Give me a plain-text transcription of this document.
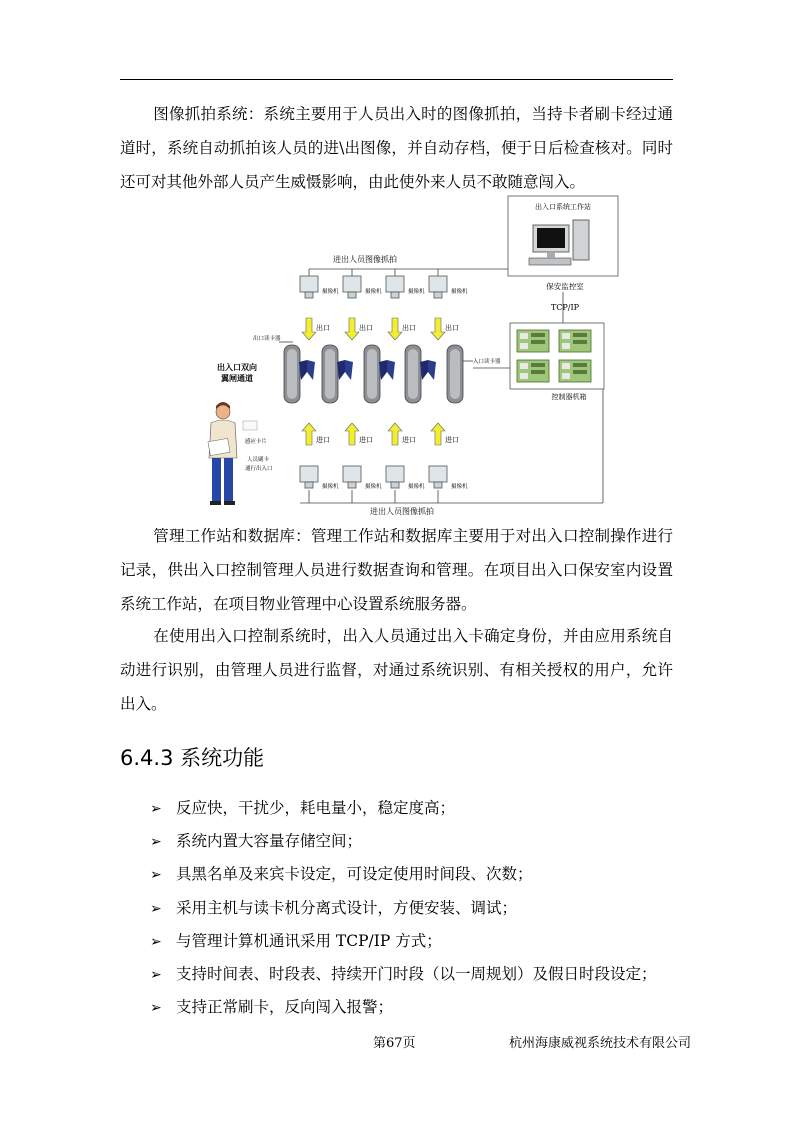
图像抓拍系统：系统主要用于人员出入时的图像抓拍，当持卡者刷卡经过通道时，系统自动抓拍该人员的进\出图像，并自动存档，便于日后检查核对。同时还可对其他外部人员产生威慑影响，由此使外来人员不敢随意闯入。

出入口系统工作站
保安监控室
TCP/IP
控制器机箱
进出人员图像抓拍
进出人员图像抓拍
摄像机	摄像机	摄像机	摄像机
出口	出口	出口	出口
出口读卡器
入口读卡器
出入口双向
翼闸通道
进口	进口	进口	进口
摄像机	摄像机	摄像机	摄像机
感应卡片
人员刷卡
通行出入口

管理工作站和数据库：管理工作站和数据库主要用于对出入口控制操作进行记录，供出入口控制管理人员进行数据查询和管理。在项目出入口保安室内设置系统工作站，在项目物业管理中心设置系统服务器。

在使用出入口控制系统时，出入人员通过出入卡确定身份，并由应用系统自动进行识别，由管理人员进行监督，对通过系统识别、有相关授权的用户，允许出入。

6.4.3 系统功能
➢ 反应快，干扰少，耗电量小，稳定度高；
➢ 系统内置大容量存储空间；
➢ 具黑名单及来宾卡设定，可设定使用时间段、次数；
➢ 采用主机与读卡机分离式设计，方便安装、调试；
➢ 与管理计算机通讯采用 TCP/IP 方式；
➢ 支持时间表、时段表、持续开门时段（以一周规划）及假日时段设定；
➢ 支持正常刷卡，反向闯入报警；
第67页	杭州海康威视系统技术有限公司
